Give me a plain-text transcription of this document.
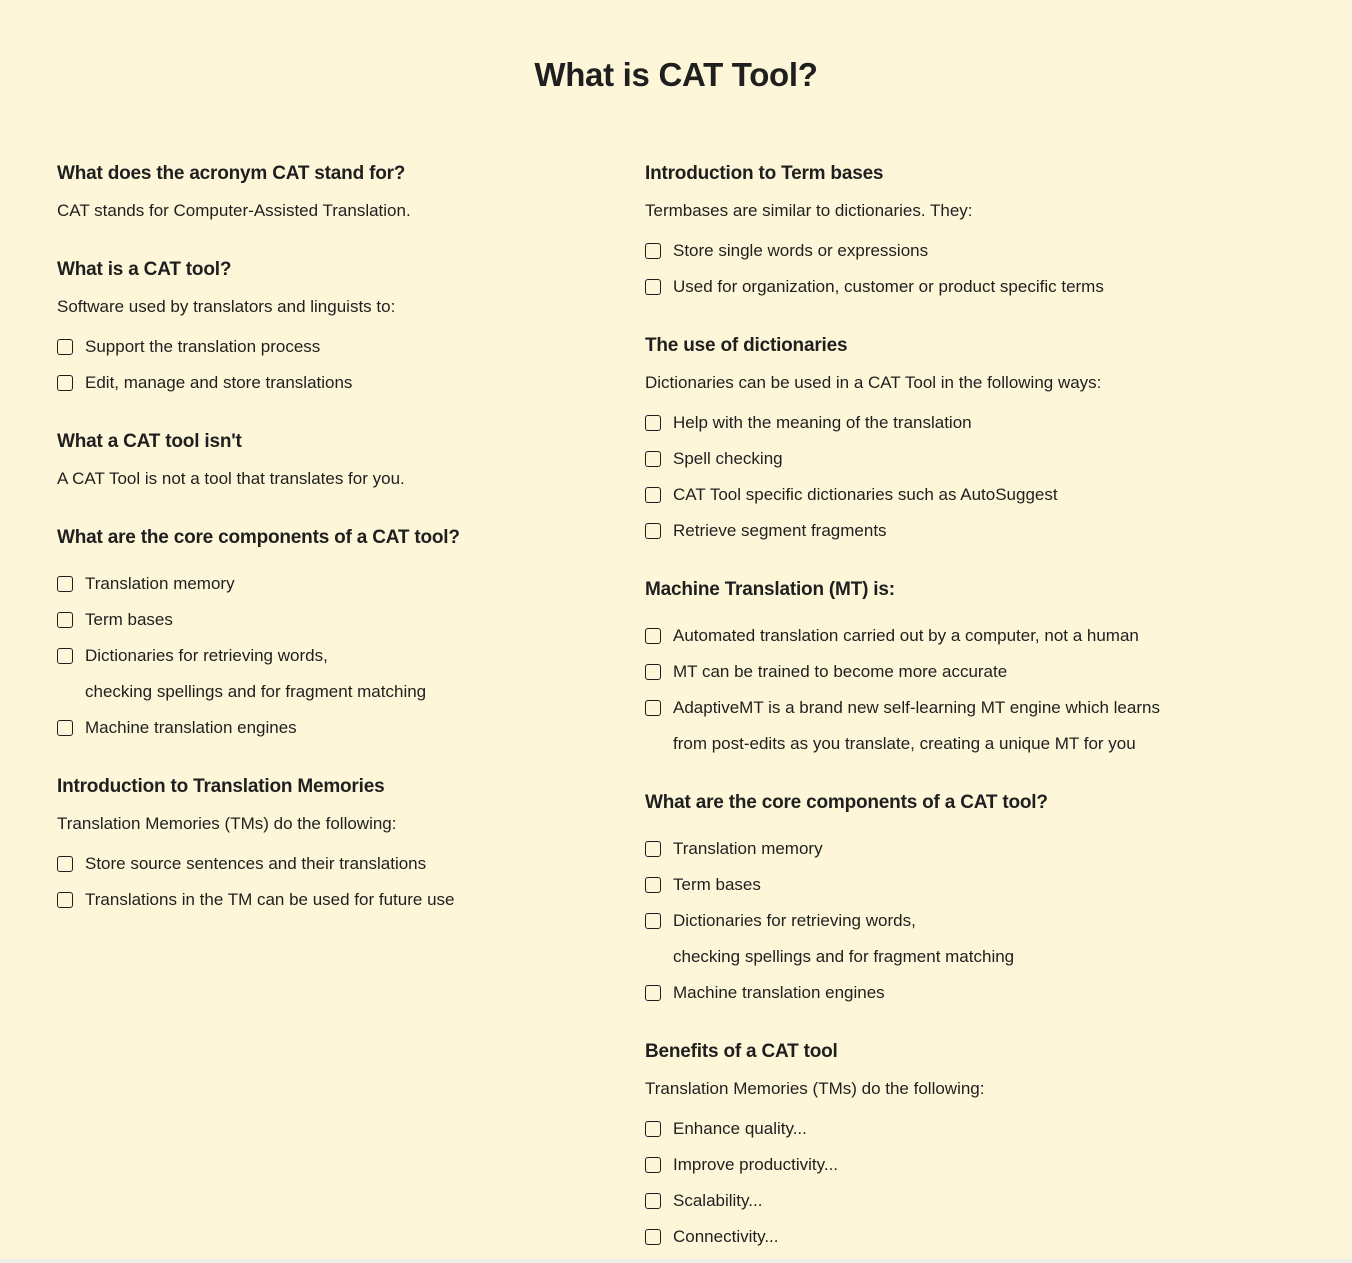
What is CAT Tool?
What does the acronym CAT stand for?

CAT stands for Computer-Assisted Translation.

What is a CAT tool?

Software used by translators and linguists to:

Support the translation process
Edit, manage and store translations
What a CAT tool isn't

A CAT Tool is not a tool that translates for you.

What are the core components of a CAT tool?
Translation memory
Term bases
Dictionaries for retrieving words,
checking spellings and for fragment matching
Machine translation engines
Introduction to Translation Memories

Translation Memories (TMs) do the following:

Store source sentences and their translations
Translations in the TM can be used for future use
Introduction to Term bases

Termbases are similar to dictionaries. They:

Store single words or expressions
Used for organization, customer or product specific terms
The use of dictionaries

Dictionaries can be used in a CAT Tool in the following ways:

Help with the meaning of the translation
Spell checking
CAT Tool specific dictionaries such as AutoSuggest
Retrieve segment fragments
Machine Translation (MT) is:
Automated translation carried out by a computer, not a human
MT can be trained to become more accurate
AdaptiveMT is a brand new self-learning MT engine which learns
from post-edits as you translate, creating a unique MT for you
What are the core components of a CAT tool?
Translation memory
Term bases
Dictionaries for retrieving words,
checking spellings and for fragment matching
Machine translation engines
Benefits of a CAT tool

Translation Memories (TMs) do the following:

Enhance quality...
Improve productivity...
Scalability...
Connectivity...
